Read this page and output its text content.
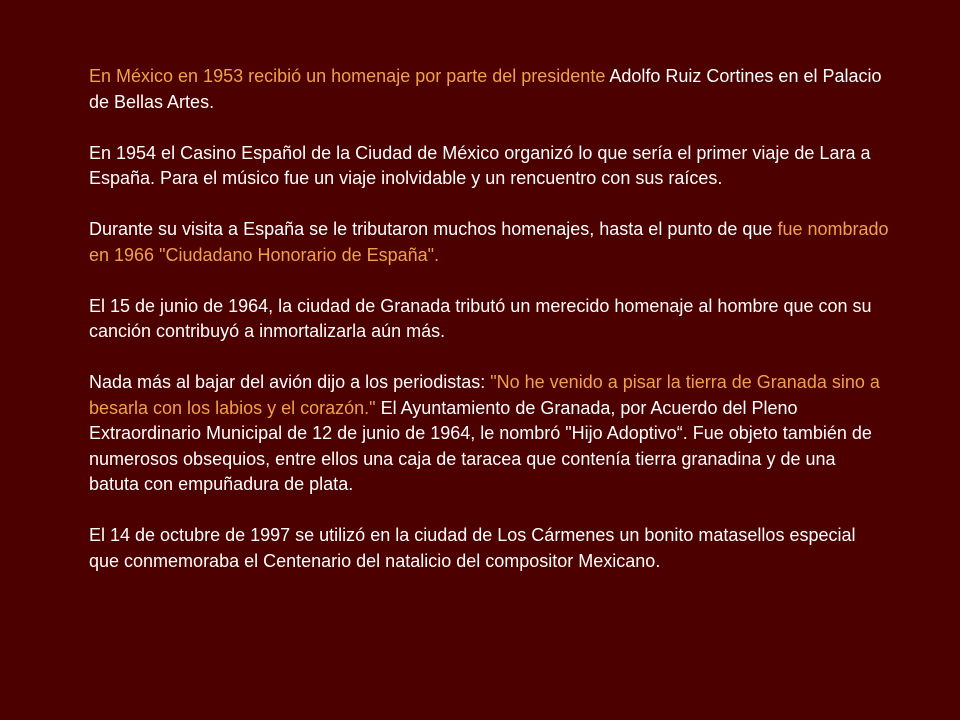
En México en 1953 recibió un homenaje por parte del presidente Adolfo Ruiz Cortines en el Palacio de Bellas Artes.

En 1954 el Casino Español de la Ciudad de México organizó lo que sería el primer viaje de Lara a España. Para el músico fue un viaje inolvidable y un rencuentro con sus raíces.

Durante su visita a España se le tributaron muchos homenajes, hasta el punto de que fue nombrado en 1966 "Ciudadano Honorario de España".

El 15 de junio de 1964, la ciudad de Granada tributó un merecido homenaje al hombre que con su canción contribuyó a inmortalizarla aún más.

Nada más al bajar del avión dijo a los periodistas: "No he venido a pisar la tierra de Granada sino a besarla con los labios y el corazón." El Ayuntamiento de Granada, por Acuerdo del Pleno Extraordinario Municipal de 12 de junio de 1964, le nombró "Hijo Adoptivo“. Fue objeto también de numerosos obsequios, entre ellos una caja de taracea que contenía tierra granadina y de una batuta con empuñadura de plata.

El 14 de octubre de 1997 se utilizó en la ciudad de Los Cármenes un bonito matasellos especial que conmemoraba el Centenario del natalicio del compositor Mexicano.
